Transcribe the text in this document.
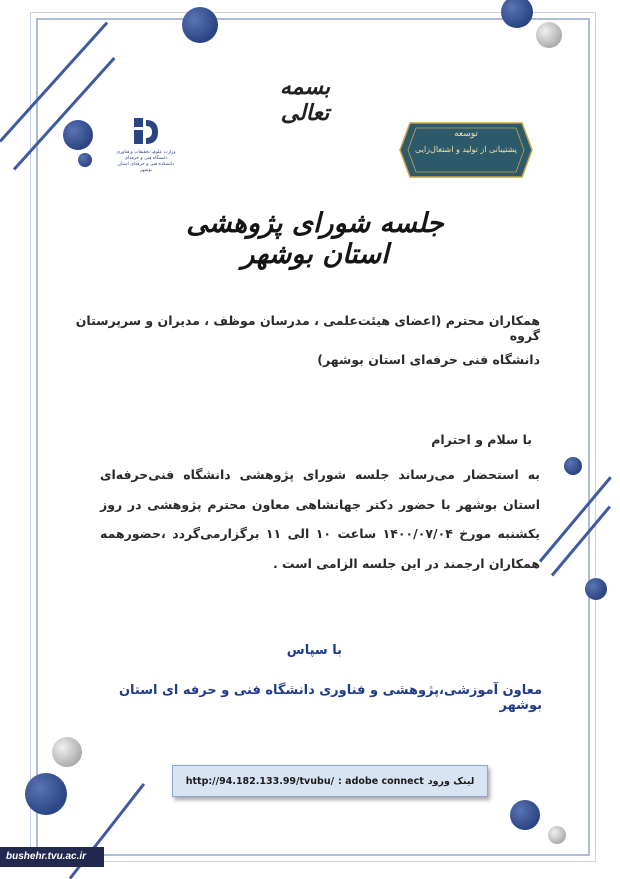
بسمه تعالی
وزارت علوم، تحقیقات و فناوری دانشگاه فنی و حرفه‌ای دانشکده فنی و حرفه‌ای استان بوشهر
توسعه
پشتیبانی از تولید و اشتغال‌زایی
جلسه شورای پژوهشی استان بوشهر
همکاران محترم (اعضای هیئت‌علمی ، مدرسان موظف ، مدیران و سرپرستان گروه
دانشگاه فنی حرفه‌ای استان بوشهر)
با سلام و احترام
به استحضار می‌رساند جلسه شورای پژوهشی دانشگاه فنی‌حرفه‌ای استان بوشهر با حضور دکتر جهانشاهی معاون محترم پژوهشی در روز یکشنبه مورخ ۱۴۰۰/۰۷/۰۴ ساعت ۱۰ الی ۱۱ برگزارمی‌گردد ،حضورهمه همکاران ارجمند در این جلسه الزامی است .
با سپاس
معاون آموزشی،پژوهشی و فناوری دانشگاه فنی و حرفه ای استان بوشهر
http://94.182.133.99/tvubu/ : adobe connect لینک ورود
bushehr.tvu.ac.ir
